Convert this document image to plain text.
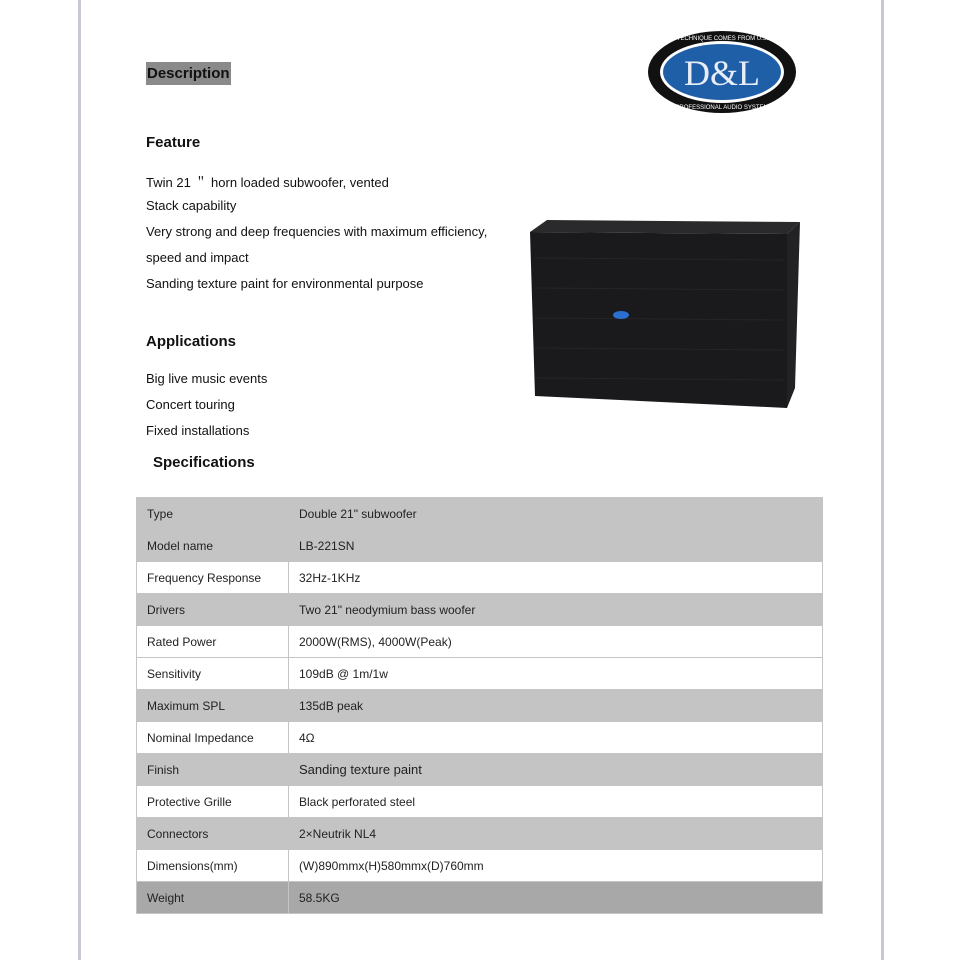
Description	D&L
A TECHNIQUE COMES FROM U.S.A
PROFESSIONAL AUDIO SYSTEM
Feature
Twin 21 ＂ horn loaded subwoofer, vented
Stack capability
Very strong and deep frequencies with maximum efficiency,
speed and impact
Sanding texture paint for environmental purpose
Applications
Big live music events
Concert touring
Fixed installations
Specifications
Type	Double 21" subwoofer
Model name	LB-221SN
Frequency Response	32Hz-1KHz
Drivers	Two 21" neodymium bass woofer
Rated Power	2000W(RMS), 4000W(Peak)
Sensitivity	109dB @ 1m/1w
Maximum SPL	135dB peak
Nominal Impedance	4Ω
Finish	Sanding texture paint
Protective Grille	Black perforated steel
Connectors	2×Neutrik NL4
Dimensions(mm)	(W)890mmx(H)580mmx(D)760mm
Weight	58.5KG
